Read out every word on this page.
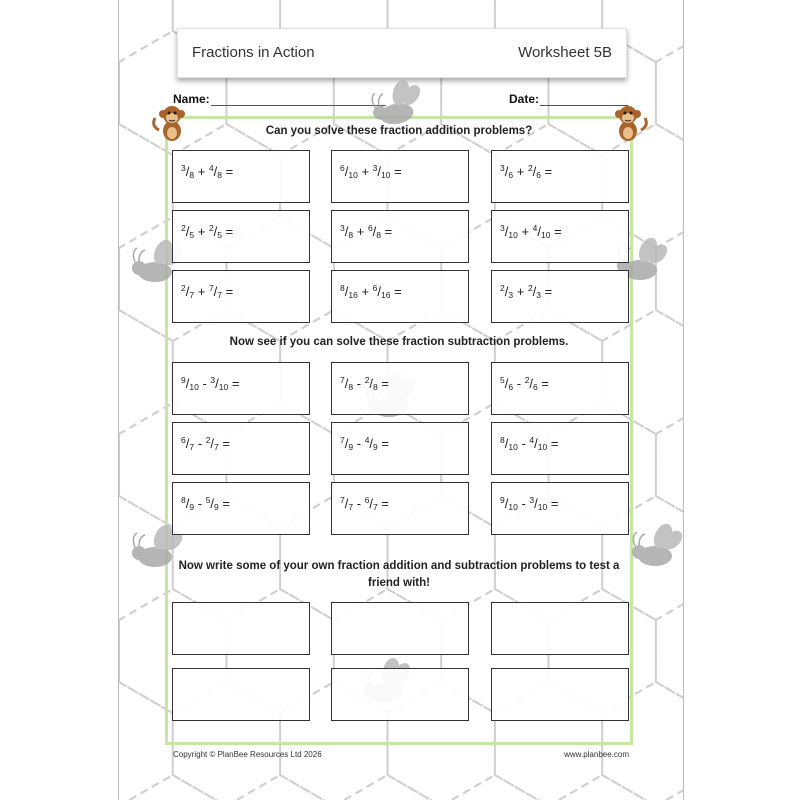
Fractions in Action	Worksheet 5B
Name:	Date:
Can you solve these fraction addition problems?
Now see if you can solve these fraction subtraction problems.
Now write some of your own fraction addition and subtraction problems to test a
friend with!
$^3/_8 + ^4/_8$ =	$^6/_{10} + ^3/_{10}$ =	$^3/_6 + ^2/_6$ =
$^2/_5 + ^2/_5$ =	$^3/_8 + ^6/_8$ =	$^3/_{10} + ^4/_{10}$ =
$^2/_7 + ^7/_7$ =	$^8/_{16} + ^6/_{16}$ =	$^2/_3 + ^2/_3$ =
$^9/_{10} - ^3/_{10}$ =	$^7/_8 - ^2/_8$ =	$^5/_6 - ^2/_6$ =
$^6/_7 - ^2/_7$ =	$^7/_9 - ^4/_9$ =	$^8/_{10} - ^4/_{10}$ =
$^8/_9 - ^5/_9$ =	$^7/_7 - ^6/_7$ =	$^9/_{10} - ^3/_{10}$ =
Copyright © PlanBee Resources Ltd 2026	www.planbee.com
